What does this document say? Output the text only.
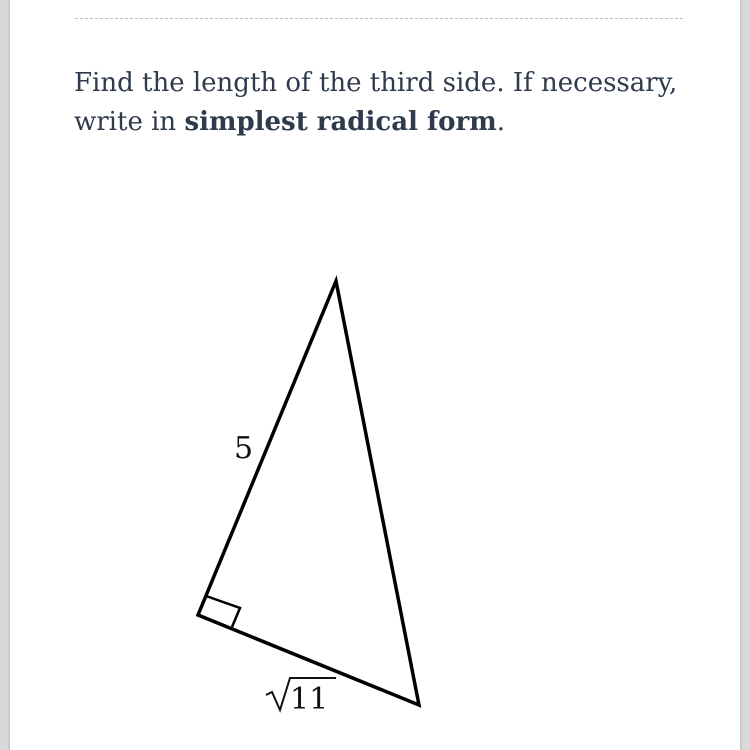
Find the length of the third side. If necessary, write in simplest radical form.
5
11
